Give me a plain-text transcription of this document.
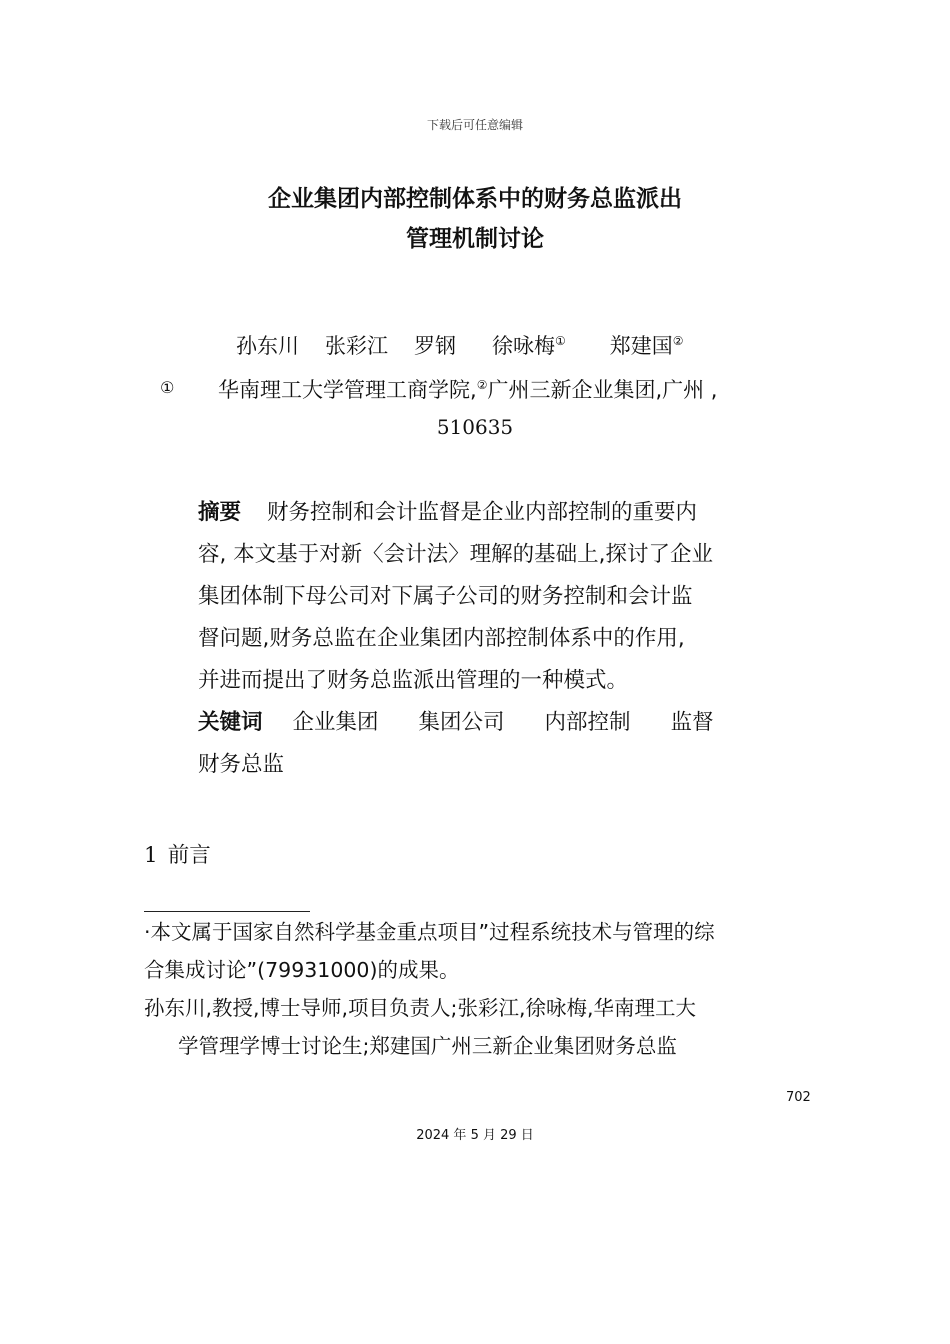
下载后可任意编辑
企业集团内部控制体系中的财务总监派出
管理机制讨论
孙东川 张彩江 罗钢 徐咏梅① 郑建国②
① 华南理工大学管理工商学院,②广州三新企业集团,广州 ,
510635
摘要 财务控制和会计监督是企业内部控制的重要内
容, 本文基于对新〈会计法〉理解的基础上,探讨了企业
集团体制下母公司对下属子公司的财务控制和会计监
督问题,财务总监在企业集团内部控制体系中的作用,
并进而提出了财务总监派出管理的一种模式。
关键词 企业集团 集团公司 内部控制 监督
财务总监
1 前言
·本文属于国家自然科学基金重点项目”过程系统技术与管理的综
合集成讨论”(79931000)的成果。
孙东川,教授,博士导师,项目负责人;张彩江,徐咏梅,华南理工大
学管理学博士讨论生;郑建国广州三新企业集团财务总监
702
2024 年 5 月 29 日
